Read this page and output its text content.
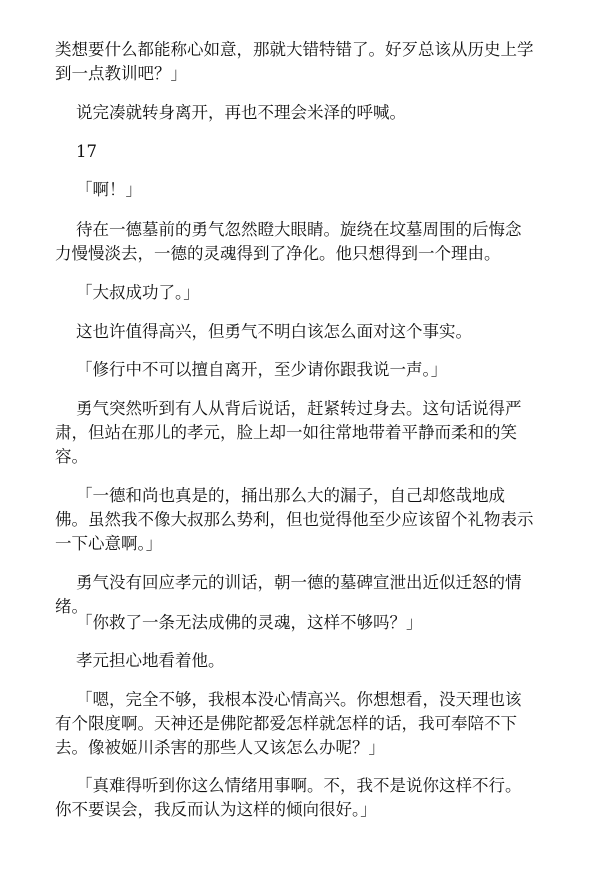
类想要什么都能称心如意，那就大错特错了。好歹总该从历史上学
到一点教训吧？」

说完凑就转身离开，再也不理会米泽的呼喊。

17

「啊！」

待在一德墓前的勇气忽然瞪大眼睛。旋绕在坟墓周围的后悔念
力慢慢淡去，一德的灵魂得到了净化。他只想得到一个理由。

「大叔成功了。」

这也许值得高兴，但勇气不明白该怎么面对这个事实。

「修行中不可以擅自离开，至少请你跟我说一声。」

勇气突然听到有人从背后说话，赶紧转过身去。这句话说得严
肃，但站在那儿的孝元，脸上却一如往常地带着平静而柔和的笑
容。

「一德和尚也真是的，捅出那么大的漏子，自己却悠哉地成
佛。虽然我不像大叔那么势利，但也觉得他至少应该留个礼物表示
一下心意啊。」

勇气没有回应孝元的训话，朝一德的墓碑宣泄出近似迁怒的情
绪。

「你救了一条无法成佛的灵魂，这样不够吗？」

孝元担心地看着他。

「嗯，完全不够，我根本没心情高兴。你想想看，没天理也该
有个限度啊。天神还是佛陀都爱怎样就怎样的话，我可奉陪不下
去。像被姬川杀害的那些人又该怎么办呢？」

「真难得听到你这么情绪用事啊。不，我不是说你这样不行。
你不要误会，我反而认为这样的倾向很好。」
